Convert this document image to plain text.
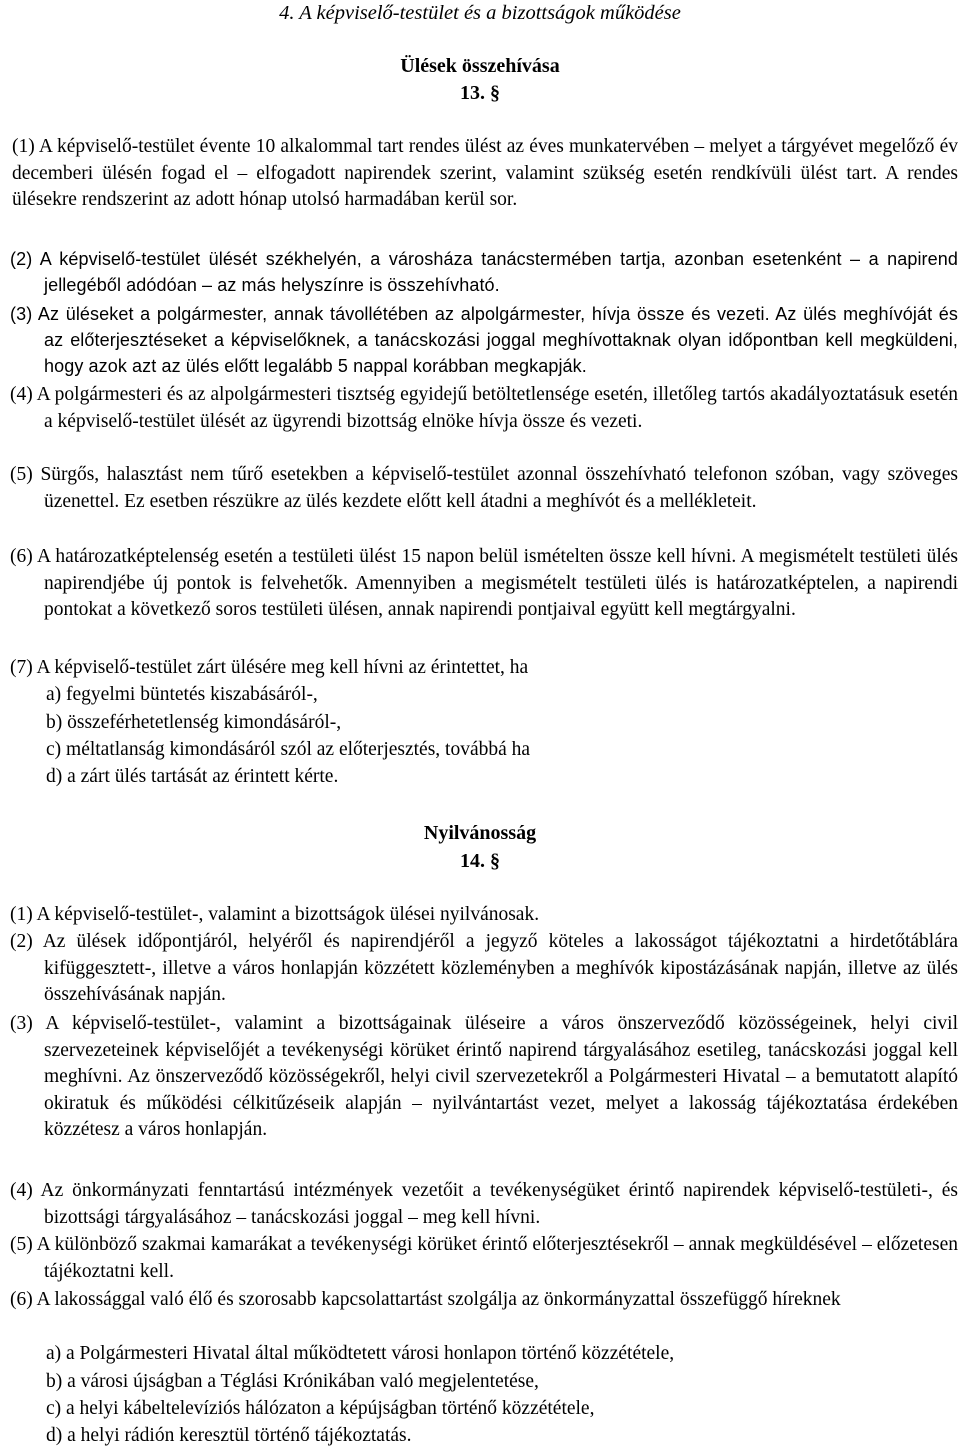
4. A képviselő-testület és a bizottságok működése

Ülések összehívása

13. §

(1) A képviselő-testület évente 10 alkalommal tart rendes ülést az éves munkatervében – melyet a tárgyévet megelőző év decemberi ülésén fogad el – elfogadott napirendek szerint, valamint szükség esetén rendkívüli ülést tart. A rendes ülésekre rendszerint az adott hónap utolsó harmadában kerül sor.

(2) A képviselő-testület ülését székhelyén, a városháza tanácstermében tartja, azonban esetenként – a napirend jellegéből adódóan – az más helyszínre is összehívható.

(3) Az üléseket a polgármester, annak távollétében az alpolgármester, hívja össze és vezeti. Az ülés meghívóját és az előterjesztéseket a képviselőknek, a tanácskozási joggal meghívottaknak olyan időpontban kell megküldeni, hogy azok azt az ülés előtt legalább 5 nappal korábban megkapják.

(4) A polgármesteri és az alpolgármesteri tisztség egyidejű betöltetlensége esetén, illetőleg tartós akadályoztatásuk esetén a képviselő-testület ülését az ügyrendi bizottság elnöke hívja össze és vezeti.

(5) Sürgős, halasztást nem tűrő esetekben a képviselő-testület azonnal összehívható telefonon szóban, vagy szöveges üzenettel. Ez esetben részükre az ülés kezdete előtt kell átadni a meghívót és a mellékleteit.

(6) A határozatképtelenség esetén a testületi ülést 15 napon belül ismételten össze kell hívni. A megismételt testületi ülés napirendjébe új pontok is felvehetők. Amennyiben a megismételt testületi ülés is határozatképtelen, a napirendi pontokat a következő soros testületi ülésen, annak napirendi pontjaival együtt kell megtárgyalni.

(7) A képviselő-testület zárt ülésére meg kell hívni az érintettet, ha

a) fegyelmi büntetés kiszabásáról-,

b) összeférhetetlenség kimondásáról-,

c) méltatlanság kimondásáról szól az előterjesztés, továbbá ha

d) a zárt ülés tartását az érintett kérte.

Nyilvánosság

14. §

(1) A képviselő-testület-, valamint a bizottságok ülései nyilvánosak.

(2) Az ülések időpontjáról, helyéről és napirendjéről a jegyző köteles a lakosságot tájékoztatni a hirdetőtáblára kifüggesztett-, illetve a város honlapján közzétett közleményben a meghívók kipostázásának napján, illetve az ülés összehívásának napján.

(3) A képviselő-testület-, valamint a bizottságainak üléseire a város önszerveződő közösségeinek, helyi civil szervezeteinek képviselőjét a tevékenységi körüket érintő napirend tárgyalásához esetileg, tanácskozási joggal kell meghívni. Az önszerveződő közösségekről, helyi civil szervezetekről a Polgármesteri Hivatal – a bemutatott alapító okiratuk és működési célkitűzéseik alapján – nyilvántartást vezet, melyet a lakosság tájékoztatása érdekében közzétesz a város honlapján.

(4) Az önkormányzati fenntartású intézmények vezetőit a tevékenységüket érintő napirendek képviselő-testületi-, és bizottsági tárgyalásához – tanácskozási joggal – meg kell hívni.

(5) A különböző szakmai kamarákat a tevékenységi körüket érintő előterjesztésekről – annak megküldésével – előzetesen tájékoztatni kell.

(6) A lakossággal való élő és szorosabb kapcsolattartást szolgálja az önkormányzattal összefüggő híreknek

a) a Polgármesteri Hivatal által működtetett városi honlapon történő közzététele,

b) a városi újságban a Téglási Krónikában való megjelentetése,

c) a helyi kábeltelevíziós hálózaton a képújságban történő közzététele,

d) a helyi rádión keresztül történő tájékoztatás.
